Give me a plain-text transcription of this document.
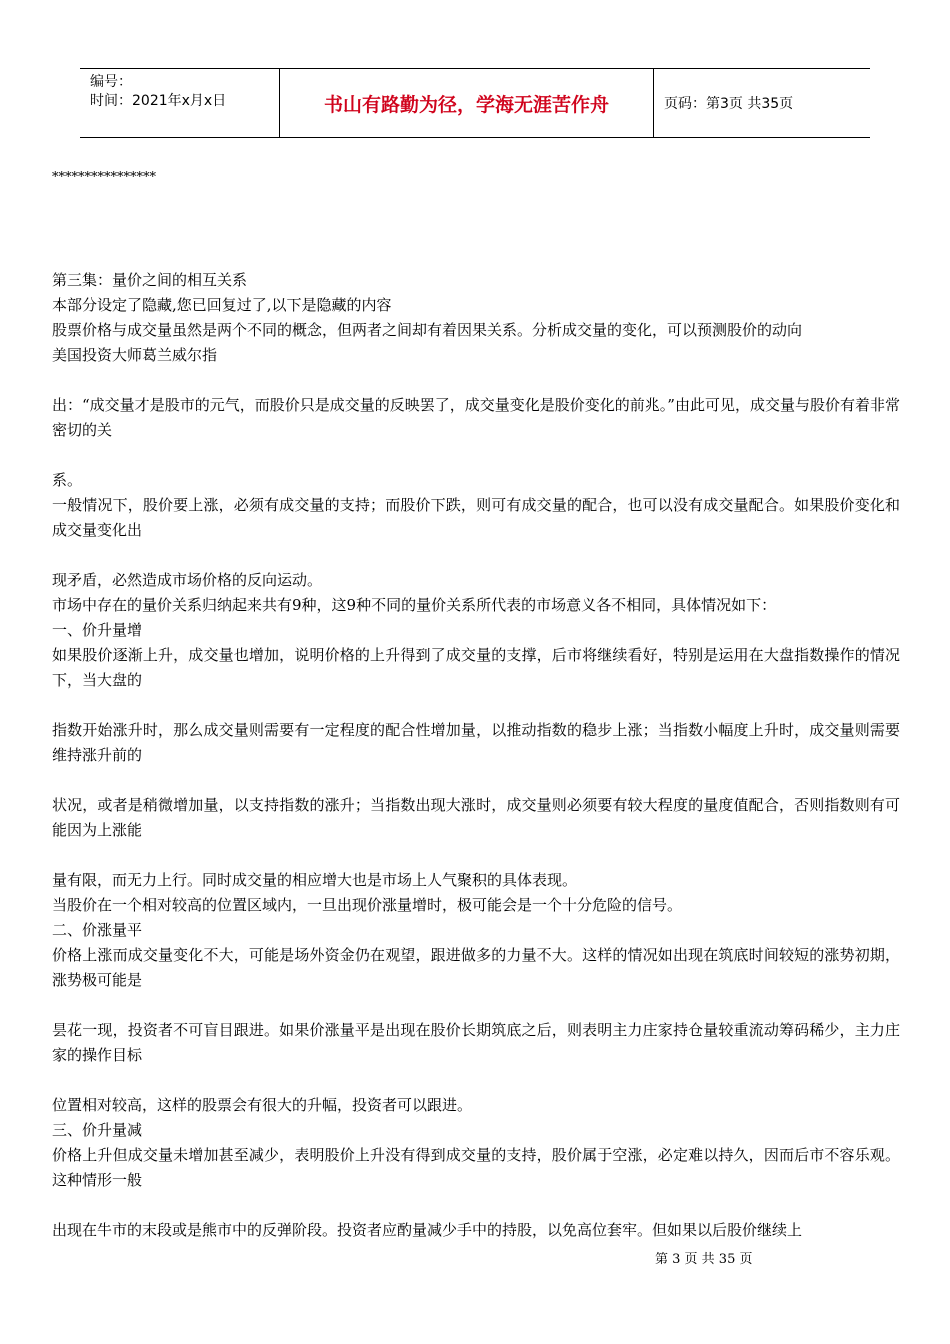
编号：
时间：2021年x月x日	书山有路勤为径，学海无涯苦作舟	页码：第3页 共35页
****************
第三集：量价之间的相互关系
本部分设定了隐藏,您已回复过了,以下是隐藏的内容
股票价格与成交量虽然是两个不同的概念，但两者之间却有着因果关系。分析成交量的变化，可以预测股价的动向
美国投资大师葛兰威尔指
出：“成交量才是股市的元气，而股价只是成交量的反映罢了，成交量变化是股价变化的前兆。”由此可见，成交量与股价有着非常密切的关
系。
一般情况下，股价要上涨，必须有成交量的支持；而股价下跌，则可有成交量的配合，也可以没有成交量配合。如果股价变化和成交量变化出
现矛盾，必然造成市场价格的反向运动。
市场中存在的量价关系归纳起来共有9种，这9种不同的量价关系所代表的市场意义各不相同，具体情况如下：
一、价升量增
如果股价逐渐上升，成交量也增加，说明价格的上升得到了成交量的支撑，后市将继续看好，特别是运用在大盘指数操作的情况下，当大盘的
指数开始涨升时，那么成交量则需要有一定程度的配合性增加量，以推动指数的稳步上涨；当指数小幅度上升时，成交量则需要维持涨升前的
状况，或者是稍微增加量，以支持指数的涨升；当指数出现大涨时，成交量则必须要有较大程度的量度值配合，否则指数则有可能因为上涨能
量有限，而无力上行。同时成交量的相应增大也是市场上人气聚积的具体表现。
当股价在一个相对较高的位置区域内，一旦出现价涨量增时，极可能会是一个十分危险的信号。
二、价涨量平
价格上涨而成交量变化不大，可能是场外资金仍在观望，跟进做多的力量不大。这样的情况如出现在筑底时间较短的涨势初期，涨势极可能是
昙花一现，投资者不可盲目跟进。如果价涨量平是出现在股价长期筑底之后，则表明主力庄家持仓量较重流动筹码稀少，主力庄家的操作目标
位置相对较高，这样的股票会有很大的升幅，投资者可以跟进。
三、价升量减
价格上升但成交量未增加甚至减少，表明股价上升没有得到成交量的支持，股价属于空涨，必定难以持久，因而后市不容乐观。这种情形一般
出现在牛市的末段或是熊市中的反弹阶段。投资者应酌量减少手中的持股，以免高位套牢。但如果以后股价继续上
第 3 页 共 35 页
